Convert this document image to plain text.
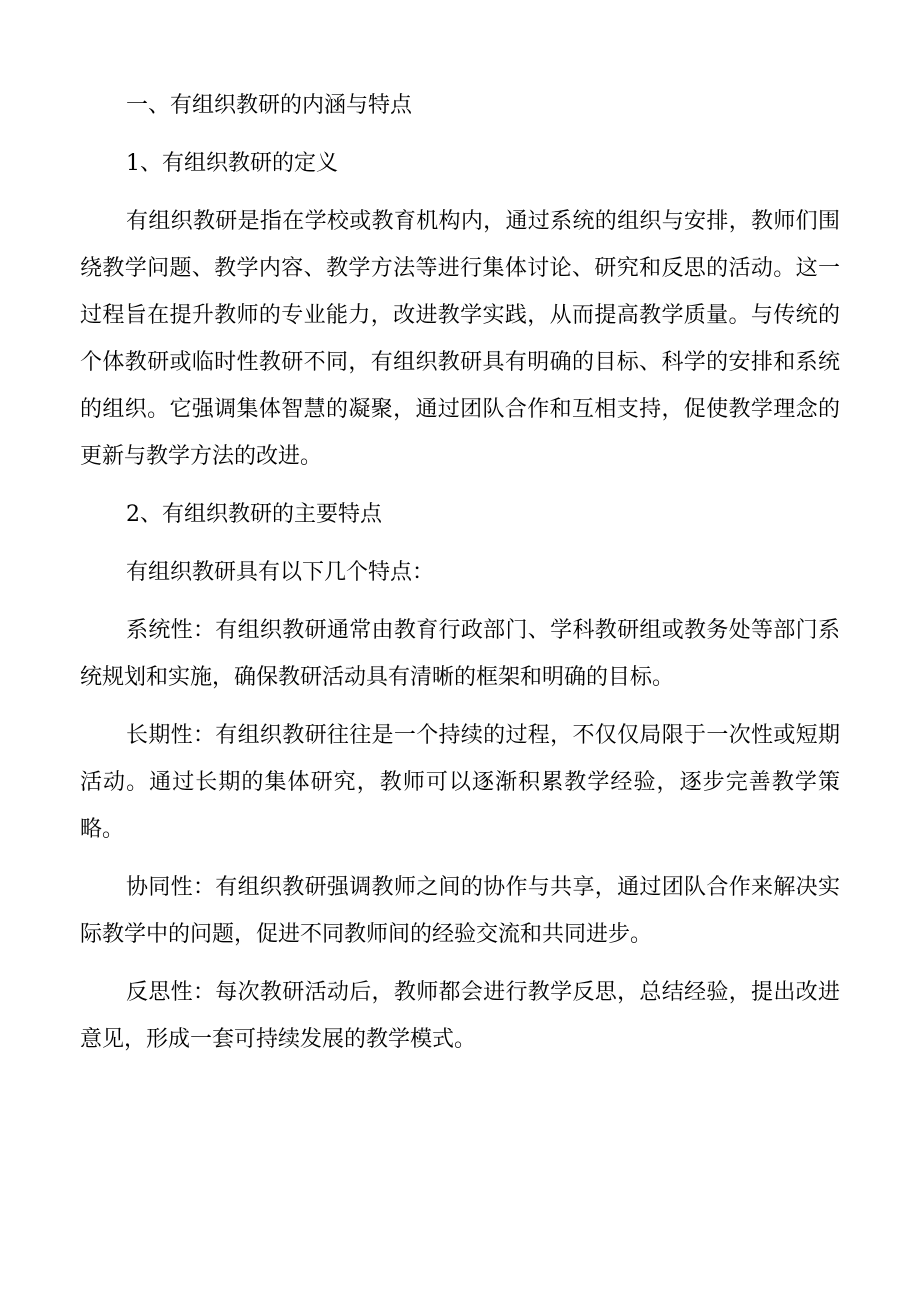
一、有组织教研的内涵与特点

1、有组织教研的定义

有组织教研是指在学校或教育机构内，通过系统的组织与安排，教师们围绕教学问题、教学内容、教学方法等进行集体讨论、研究和反思的活动。这一过程旨在提升教师的专业能力，改进教学实践，从而提高教学质量。与传统的个体教研或临时性教研不同，有组织教研具有明确的目标、科学的安排和系统的组织。它强调集体智慧的凝聚，通过团队合作和互相支持，促使教学理念的更新与教学方法的改进。

2、有组织教研的主要特点

有组织教研具有以下几个特点：

系统性：有组织教研通常由教育行政部门、学科教研组或教务处等部门系统规划和实施，确保教研活动具有清晰的框架和明确的目标。

长期性：有组织教研往往是一个持续的过程，不仅仅局限于一次性或短期活动。通过长期的集体研究，教师可以逐渐积累教学经验，逐步完善教学策略。

协同性：有组织教研强调教师之间的协作与共享，通过团队合作来解决实际教学中的问题，促进不同教师间的经验交流和共同进步。

反思性：每次教研活动后，教师都会进行教学反思，总结经验，提出改进意见，形成一套可持续发展的教学模式。
